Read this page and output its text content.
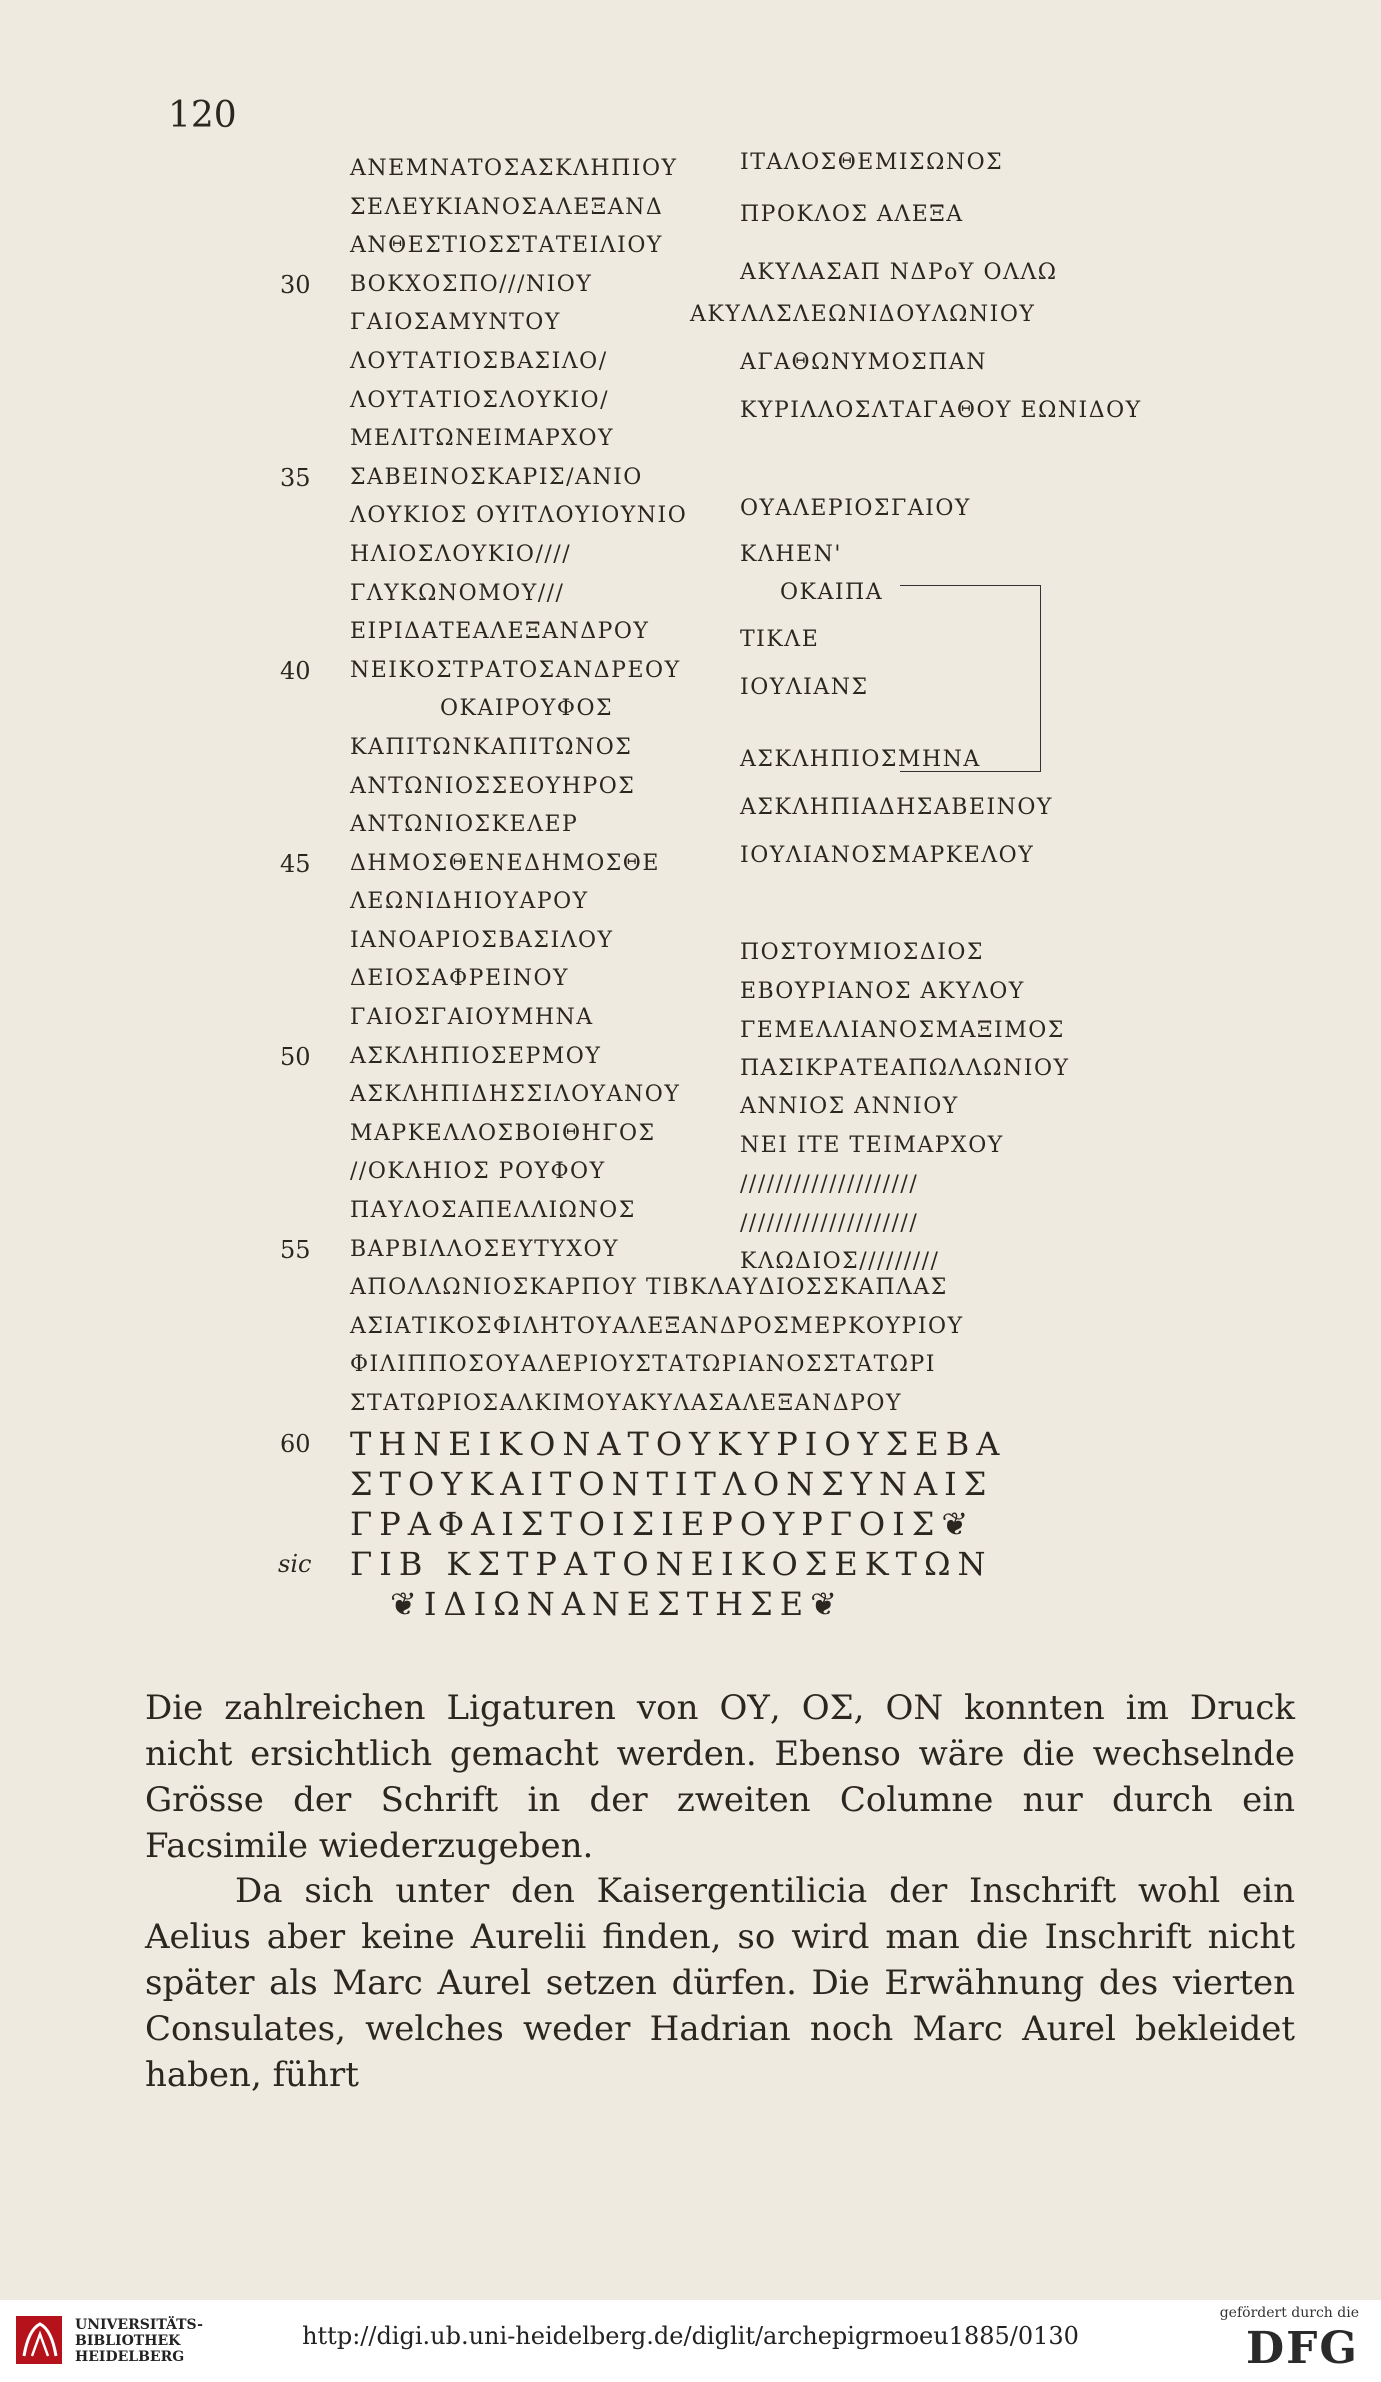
120
ΑΝΕΜΝΑΤΟΣΑΣΚΛΗΠΙΟΥ
ΣΕΛΕΥΚΙΑΝΟΣΑΛΕΞΑΝΔ
ΑΝΘΕΣΤΙΟΣΣΤΑΤΕΙΛΙΟΥ
30 ΒΟΚΧΟΣΠΟ///ΝΙΟΥ
ΓΑΙΟΣΑΜΥΝΤΟΥ
ΛΟΥΤΑΤΙΟΣΒΑΣΙΛΟ/
ΛΟΥΤΑΤΙΟΣΛΟΥΚΙΟ/
ΜΕΛΙΤΩΝΕΙΜΑΡΧΟΥ
35 ΣΑΒΕΙΝΟΣΚΑΡΙΣ/ΑΝΙΟ
ΛΟΥΚΙΟΣ ΟΥΙΤΛΟΥΙΟΥΝΙΟ
ΗΛΙΟΣΛΟΥΚΙΟ////
ΓΛΥΚΩΝΟΜΟΥ///
ΕΙΡΙΔΑΤΕΑΛΕΞΑΝΔΡΟΥ
40 ΝΕΙΚΟΣΤΡΑΤΟΣΑΝΔΡΕΟΥ
ΟΚΑΙΡΟΥΦΟΣ
ΚΑΠΙΤΩΝΚΑΠΙΤΩΝΟΣ
ΑΝΤΩΝΙΟΣΣΕΟΥΗΡΟΣ
ΑΝΤΩΝΙΟΣΚΕΛΕΡ
45 ΔΗΜΟΣΘΕΝΕΔΗΜΟΣΘΕ
ΛΕΩΝΙΔΗΙΟΥΑΡΟΥ
ΙΑΝΟΑΡΙΟΣΒΑΣΙΛΟΥ
ΔΕΙΟΣΑΦΡΕΙΝΟΥ
ΓΑΙΟΣΓΑΙΟΥΜΗΝΑ
50 ΑΣΚΛΗΠΙΟΣΕΡΜΟΥ
ΑΣΚΛΗΠΙΔΗΣΣΙΛΟΥΑΝΟΥ
ΜΑΡΚΕΛΛΟΣΒΟΙΘΗΓΟΣ
//ΟΚΛΗΙΟΣ ΡΟΥΦΟΥ
ΠΑΥΛΟΣΑΠΕΛΛΙΩΝΟΣ
55 ΒΑΡΒΙΛΛΟΣΕΥΤΥΧΟΥ
ΑΠΟΛΛΩΝΙΟΣΚΑΡΠΟΥ ΤΙΒΚΛΑΥΔΙΟΣΣΚΑΠΛΑΣ
ΑΣΙΑΤΙΚΟΣΦΙΛΗΤΟΥΑΛΕΞΑΝΔΡΟΣΜΕΡΚΟΥΡΙΟΥ
ΦΙΛΙΠΠΟΣΟΥΑΛΕΡΙΟΥΣΤΑΤΩΡΙΑΝΟΣΣΤΑΤΩΡΙ
ΣΤΑΤΩΡΙΟΣΑΛΚΙΜΟΥΑΚΥΛΑΣΑΛΕΞΑΝΔΡΟΥ
60 ΤΗΝΕΙΚΟΝΑΤΟΥΚΥΡΙΟΥΣΕΒΑ
ΣΤΟΥΚΑΙΤΟΝΤΙΤΛΟΝΣΥΝΑΙΣ
ΓΡΑΦΑΙΣΤΟΙΣΙΕΡΟΥΡΓΟΙΣ❦
sic ΓΙΒ ΚΣΤΡΑΤΟΝΕΙΚΟΣΕΚΤΩΝ
❦ΙΔΙΩΝΑΝΕΣΤΗΣΕ❦
ΙΤΑΛΟΣΘΕΜΙΣΩΝΟΣ
ΠΡΟΚΛΟΣ ΑΛΕΞΑ
ΑΚΥΛΑΣΑΠ ΝΔΡοΥ ΟΛΛΩ
ΑΚΥΛΛΣΛΕΩΝΙΔΟΥΛΩΝΙΟΥ
ΑΓΑΘΩΝΥΜΟΣΠΑΝ
ΚΥΡΙΛΛΟΣΛΤΑΓΑΘΟΥ ΕΩΝΙΔΟΥ
ΟΥΑΛΕΡΙΟΣΓΑΙΟΥ
ΚΛΗΕΝ'
ΟΚΑΙΠΑ
ΤΙΚΛΕ
ΙΟΥΛΙΑΝΣ
ΑΣΚΛΗΠΙΟΣΜΗΝΑ
ΑΣΚΛΗΠΙΑΔΗΣΑΒΕΙΝΟΥ
ΙΟΥΛΙΑΝΟΣΜΑΡΚΕΛΟΥ
ΠΟΣΤΟΥΜΙΟΣΔΙΟΣ
ΕΒΟΥΡΙΑΝΟΣ ΑΚΥΛΟΥ
ΓΕΜΕΛΛΙΑΝΟΣΜΑΞΙΜΟΣ
ΠΑΣΙΚΡΑΤΕΑΠΩΛΛΩΝΙΟΥ
ΑΝΝΙΟΣ ΑΝΝΙΟΥ
ΝΕΙ ΙΤΕ ΤΕΙΜΑΡΧΟΥ
////////////////////
////////////////////
ΚΛΩΔΙΟΣ/////////
Die zahlreichen Ligaturen von ΟΥ, ΟΣ, ΟΝ konnten im Druck nicht ersichtlich gemacht werden. Ebenso wäre die wechselnde Grösse der Schrift in der zweiten Columne nur durch ein Facsimile wiederzugeben.
Da sich unter den Kaisergentilicia der Inschrift wohl ein Aelius aber keine Aurelii finden, so wird man die Inschrift nicht später als Marc Aurel setzen dürfen. Die Erwähnung des vierten Consulates, welches weder Hadrian noch Marc Aurel bekleidet haben, führt
UNIVERSITÄTS-
BIBLIOTHEK
HEIDELBERG
http://digi.ub.uni-heidelberg.de/diglit/archepigrmoeu1885/0130
gefördert durch die
DFG
